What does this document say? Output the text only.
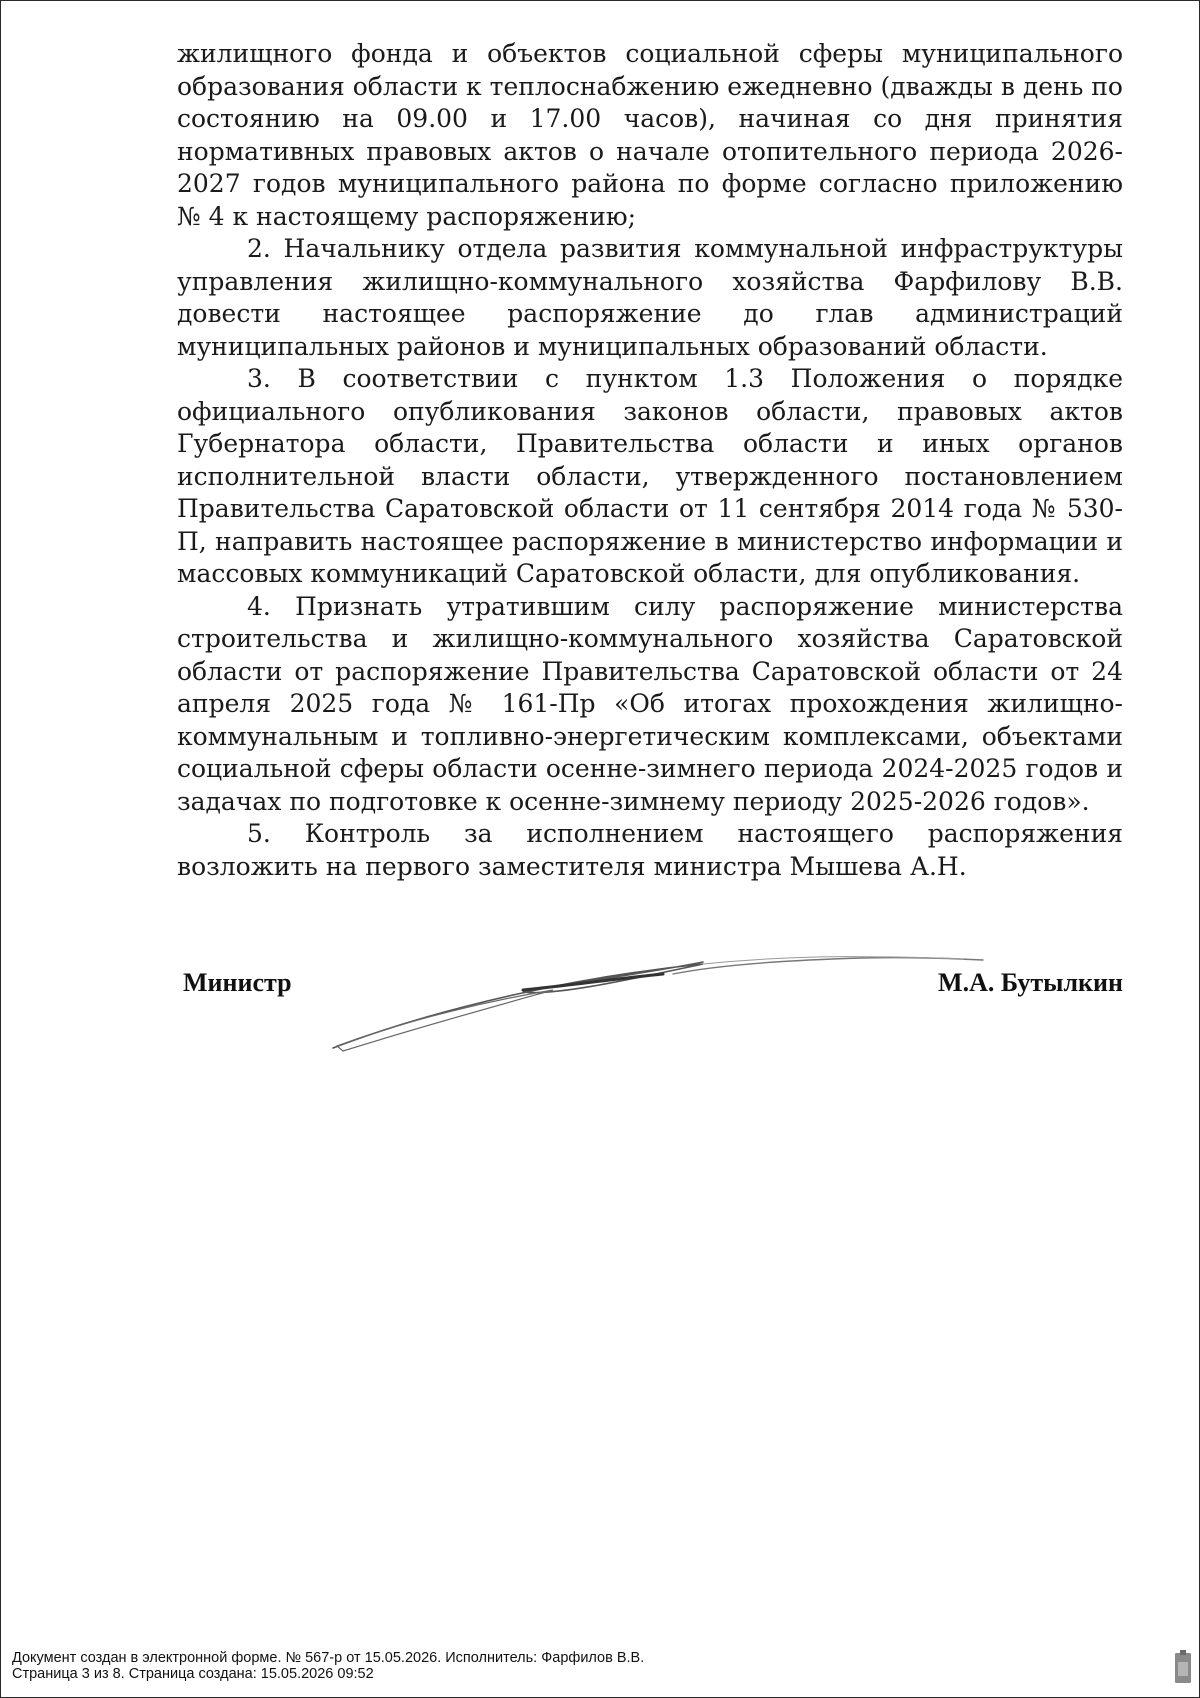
жилищного фонда и объектов социальной сферы муниципального образования области к теплоснабжению ежедневно (дважды в день по состоянию на 09.00 и 17.00 часов), начиная со дня принятия нормативных правовых актов о начале отопительного периода 2026-2027 годов муниципального района по форме согласно приложению № 4 к настоящему распоряжению;

2. Начальнику отдела развития коммунальной инфраструктуры управления жилищно-коммунального хозяйства Фарфилову В.В. довести настоящее распоряжение до глав администраций муниципальных районов и муниципальных образований области.

3. В соответствии с пунктом 1.3 Положения о порядке официального опубликования законов области, правовых актов Губернатора области, Правительства области и иных органов исполнительной власти области, утвержденного постановлением Правительства Саратовской области от 11 сентября 2014 года № 530-П, направить настоящее распоряжение в министерство информации и массовых коммуникаций Саратовской области, для опубликования.

4. Признать утратившим силу распоряжение министерства строительства и жилищно-коммунального хозяйства Саратовской области от распоряжение Правительства Саратовской области от 24 апреля 2025 года № 161-Пр «Об итогах прохождения жилищно-коммунальным и топливно-энергетическим комплексами, объектами социальной сферы области осенне-зимнего периода 2024-2025 годов и задачах по подготовке к осенне-зимнему периоду 2025-2026 годов».

5. Контроль за исполнением настоящего распоряжения возложить на первого заместителя министра Мышева А.Н.

Министр	М.А. Бутылкин
Документ создан в электронной форме. № 567-р от 15.05.2026. Исполнитель: Фарфилов В.В.
Страница 3 из 8. Страница создана: 15.05.2026 09:52
